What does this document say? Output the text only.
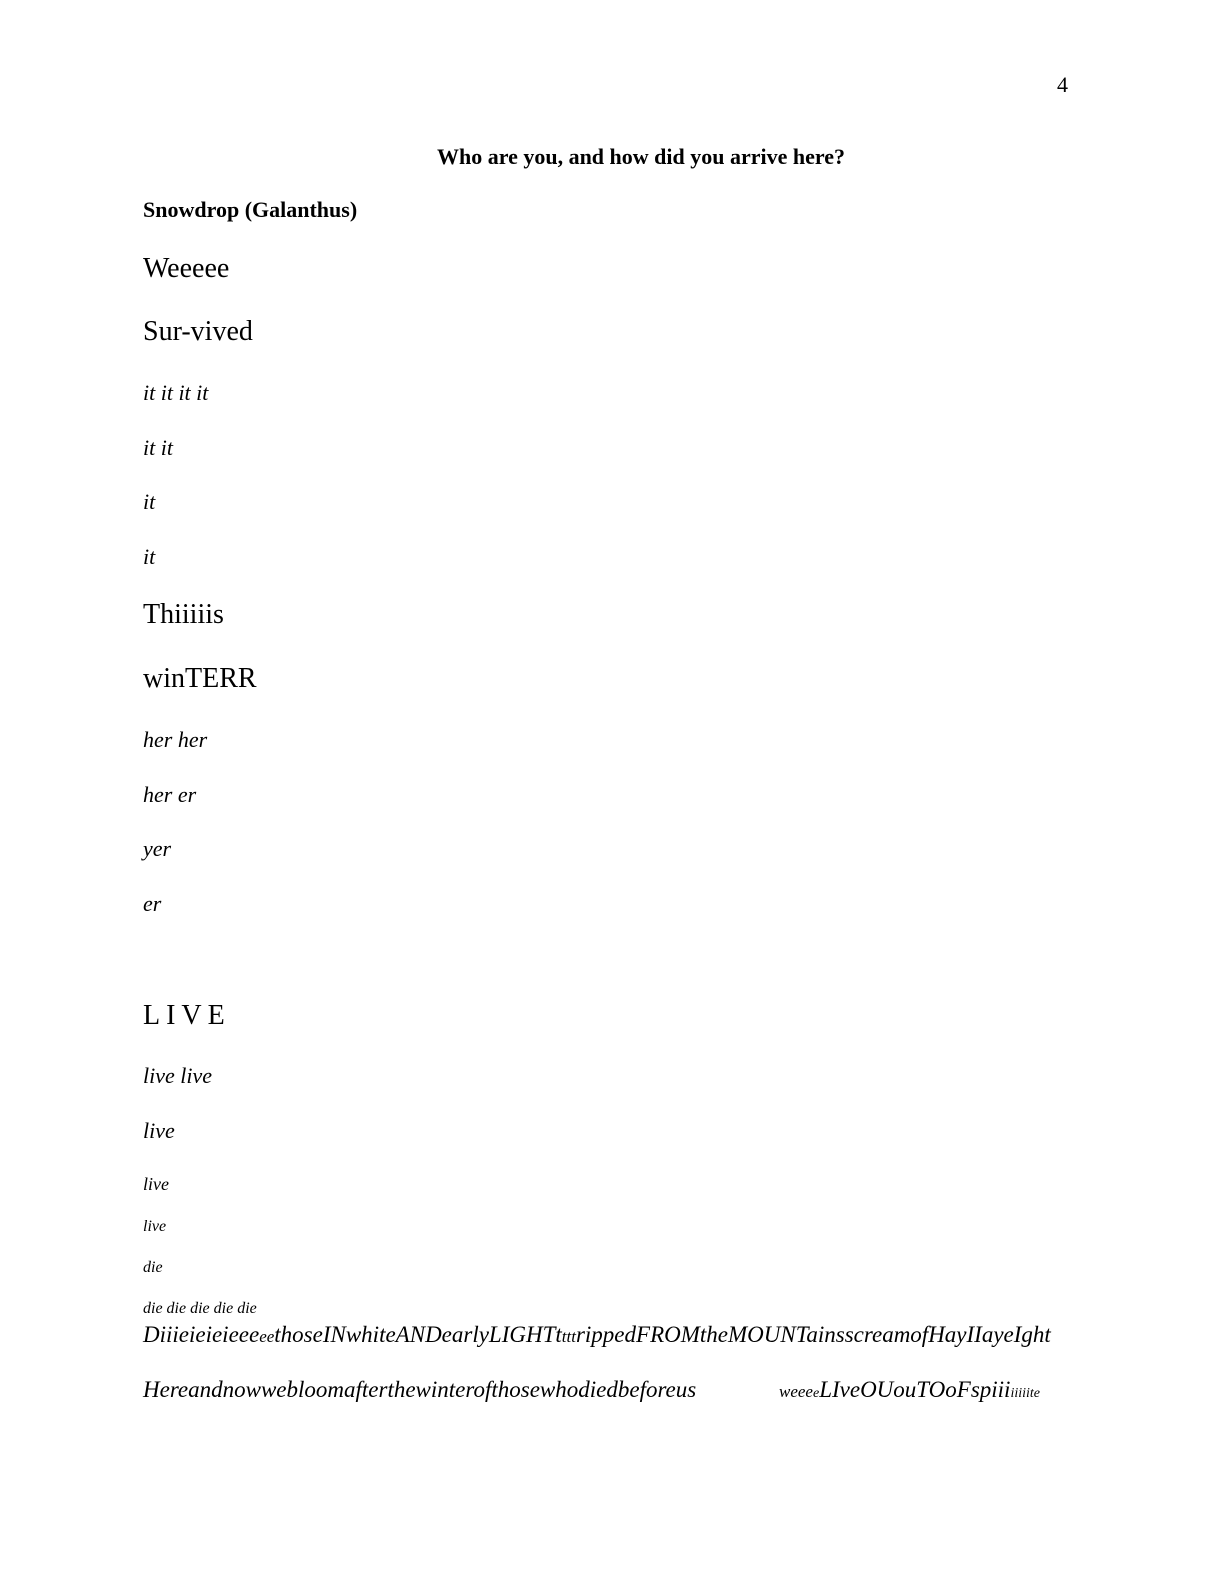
4
Who are you, and how did you arrive here?
Snowdrop (Galanthus)
Weeeee
Sur-vived
it it it it
it it
it
it
Thiiiiis
winTERR
her her
her er
yer
er
LIVE
live live
live
live
live
die
die die die die die
DiiieieieieeeeethoseINwhiteANDearlyLIGHTttttrippedFROMtheMOUNTainsscreamofHayIIayeIght
Hereandnowwebloomafterthewinterofthosewhodiedbeforeus	weeeeLIveOUouTOoFspiiiiiiiite
